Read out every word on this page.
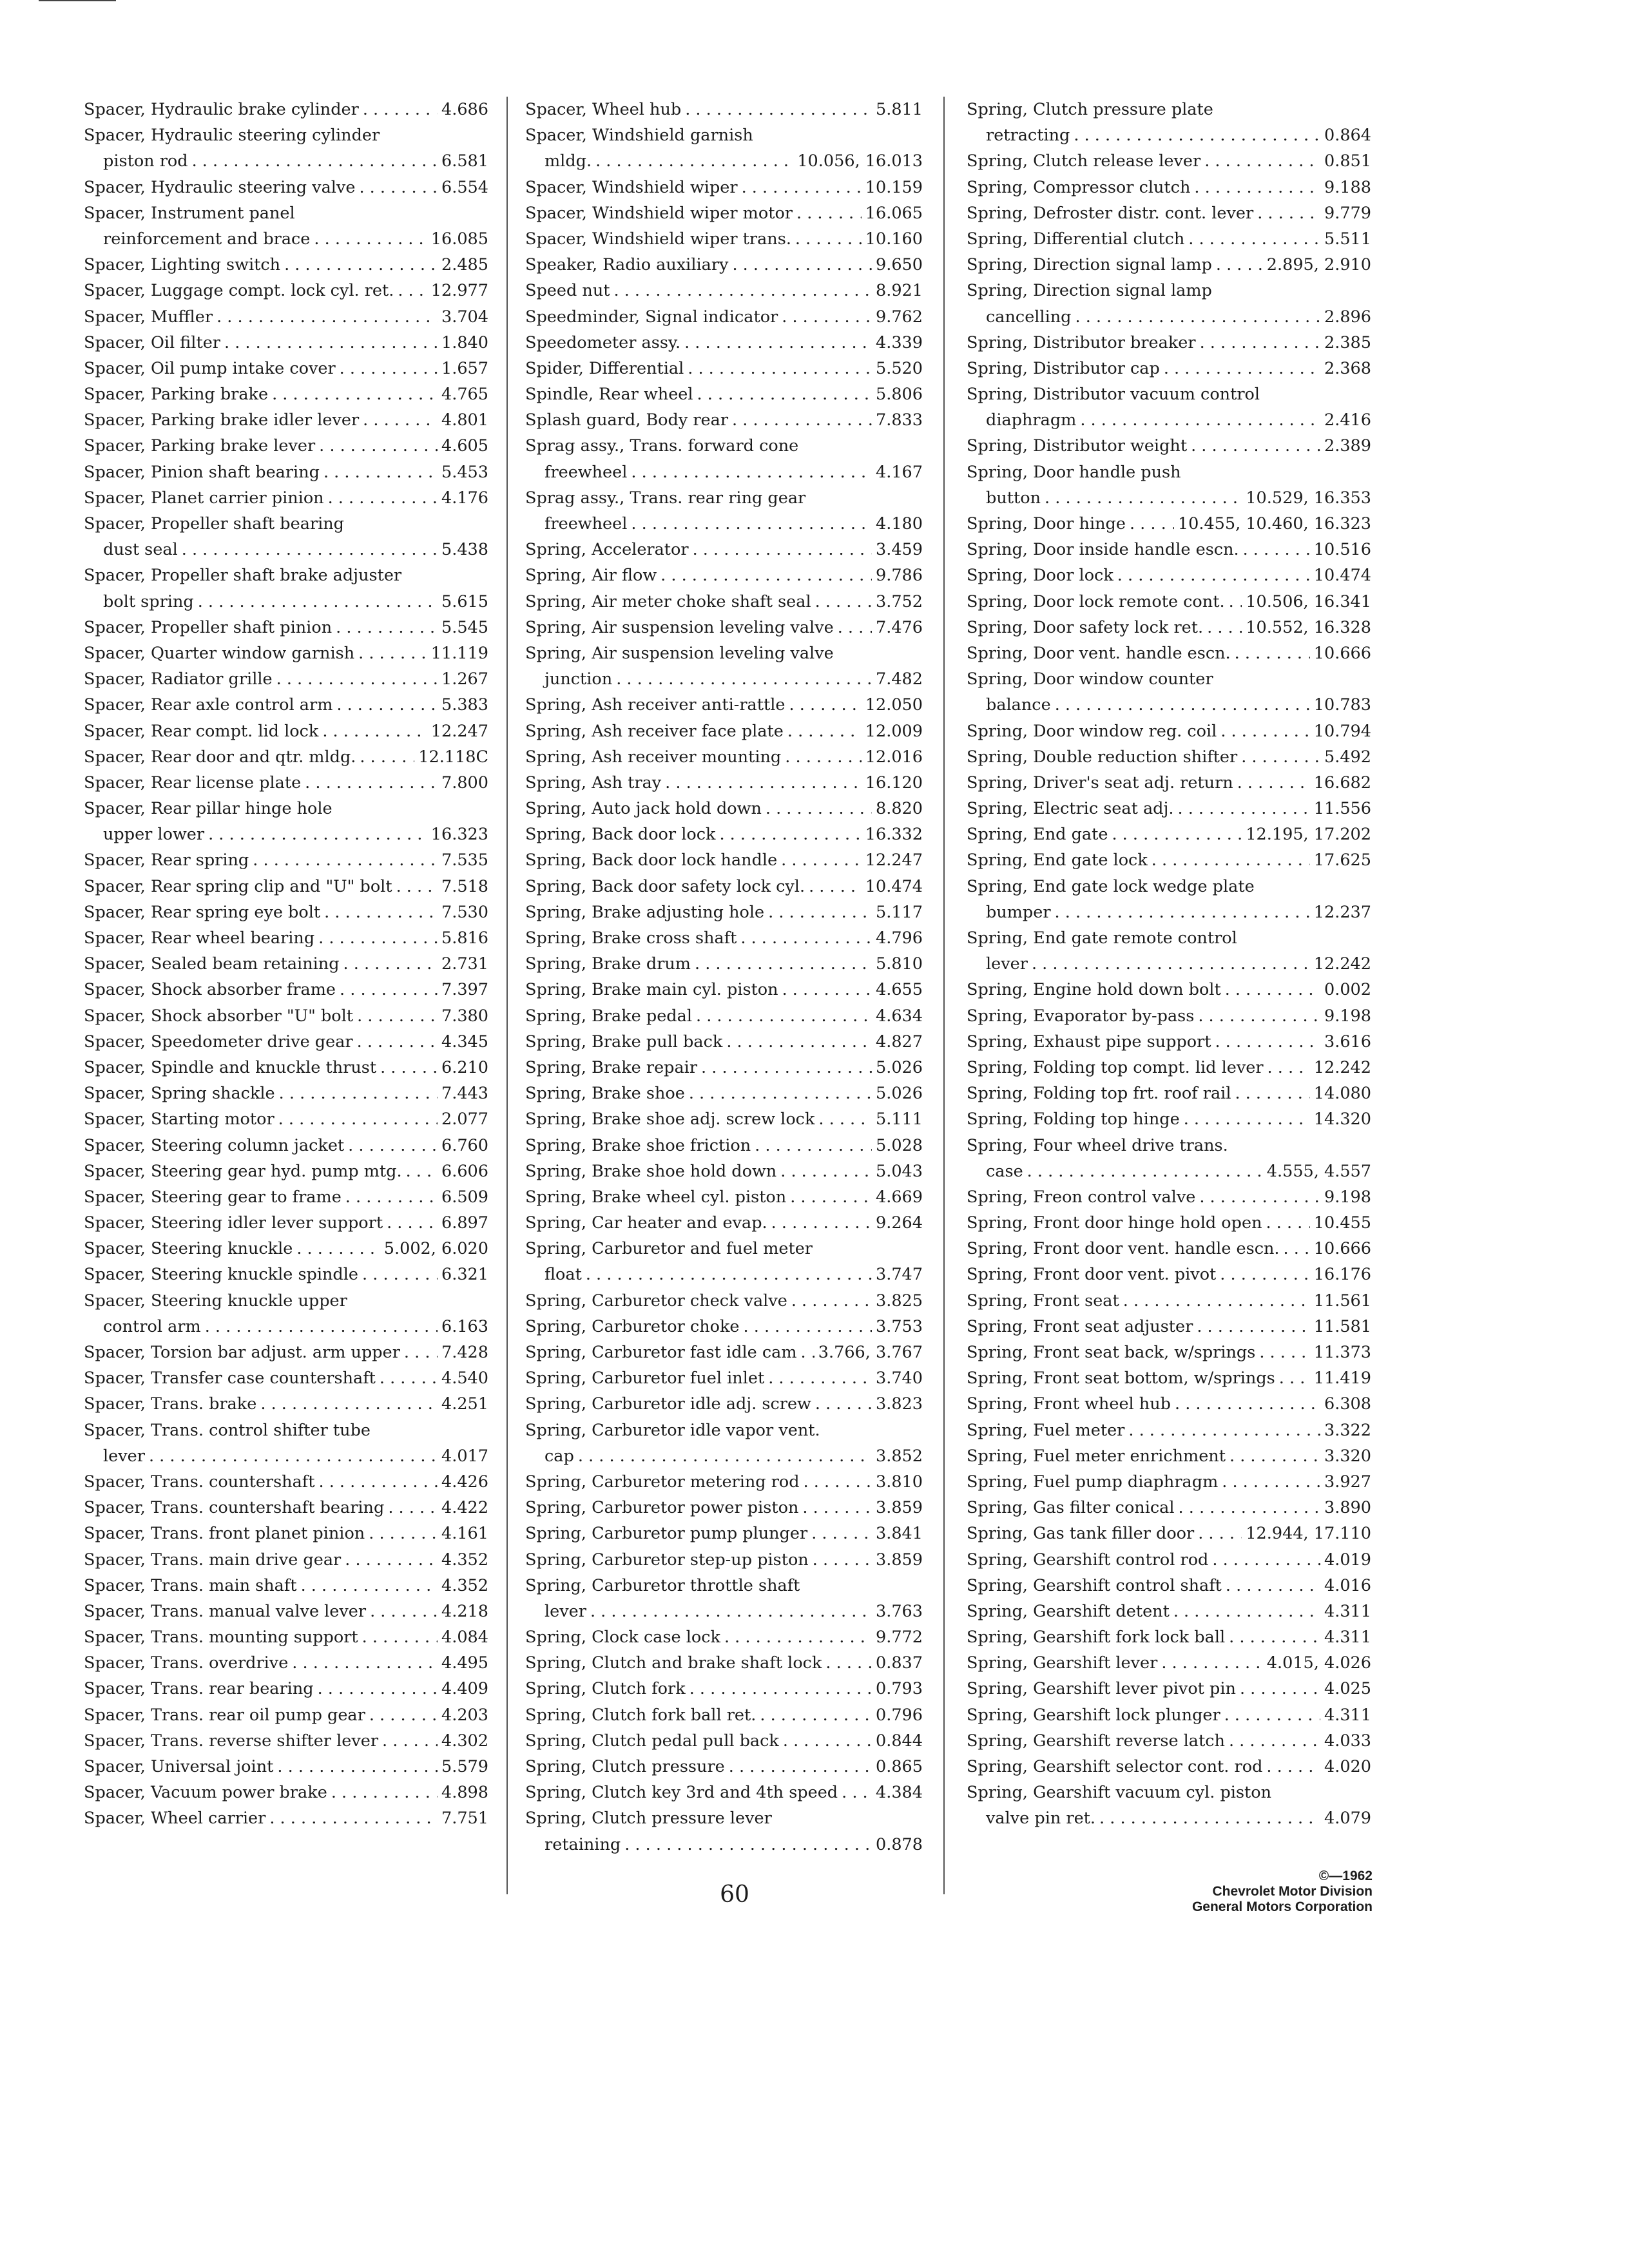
Spacer, Hydraulic brake cylinder . . .	4.686
Spacer, Hydraulic steering cylinder
piston rod . . .	6.581
Spacer, Hydraulic steering valve . . .	6.554
Spacer, Instrument panel
reinforcement and brace . . .	16.085
Spacer, Lighting switch . . .	2.485
Spacer, Luggage compt. lock cyl. ret. . . . 12.977
Spacer, Muffler . . .	3.704
Spacer, Oil filter . . .	1.840
Spacer, Oil pump intake cover . . .	1.657
Spacer, Parking brake . . .	4.765
Spacer, Parking brake idler lever . . .	4.801
Spacer, Parking brake lever . . .	4.605
Spacer, Pinion shaft bearing . . .	5.453
Spacer, Planet carrier pinion . . .	4.176
Spacer, Propeller shaft bearing
dust seal . . .	5.438
Spacer, Propeller shaft brake adjuster
bolt spring . . .	5.615
Spacer, Propeller shaft pinion . . .	5.545
Spacer, Quarter window garnish . . .	11.119
Spacer, Radiator grille . . .	1.267
Spacer, Rear axle control arm . . .	5.383
Spacer, Rear compt. lid lock . . .	12.247
Spacer, Rear door and qtr. mldg. . . .	12.118C
Spacer, Rear license plate . . .	7.800
Spacer, Rear pillar hinge hole
upper lower . . .	16.323
Spacer, Rear spring . . .	7.535
Spacer, Rear spring clip and "U" bolt . . .	7.518
Spacer, Rear spring eye bolt . . .	7.530
Spacer, Rear wheel bearing . . .	5.816
Spacer, Sealed beam retaining . . .	2.731
Spacer, Shock absorber frame . . .	7.397
Spacer, Shock absorber "U" bolt . . .	7.380
Spacer, Speedometer drive gear . . .	4.345
Spacer, Spindle and knuckle thrust . . .	6.210
Spacer, Spring shackle . . .	7.443
Spacer, Starting motor . . .	2.077
Spacer, Steering column jacket . . .	6.760
Spacer, Steering gear hyd. pump mtg. . . . 6.606
Spacer, Steering gear to frame . . .	6.509
Spacer, Steering idler lever support . . .	6.897
Spacer, Steering knuckle . . .	5.002, 6.020
Spacer, Steering knuckle spindle . . .	6.321
Spacer, Steering knuckle upper
control arm . . .	6.163
Spacer, Torsion bar adjust. arm upper . . .	7.428
Spacer, Transfer case countershaft . . .	4.540
Spacer, Trans. brake . . .	4.251
Spacer, Trans. control shifter tube
lever . . .	4.017
Spacer, Trans. countershaft . . .	4.426
Spacer, Trans. countershaft bearing . . .	4.422
Spacer, Trans. front planet pinion . . .	4.161
Spacer, Trans. main drive gear . . .	4.352
Spacer, Trans. main shaft . . .	4.352
Spacer, Trans. manual valve lever . . .	4.218
Spacer, Trans. mounting support . . .	4.084
Spacer, Trans. overdrive . . .	4.495
Spacer, Trans. rear bearing . . .	4.409
Spacer, Trans. rear oil pump gear . . .	4.203
Spacer, Trans. reverse shifter lever . . .	4.302
Spacer, Universal joint . . .	5.579
Spacer, Vacuum power brake . . .	4.898
Spacer, Wheel carrier . . .	7.751
Spacer, Wheel hub . . .	5.811
Spacer, Windshield garnish
mldg. . . .	10.056, 16.013
Spacer, Windshield wiper . . .	10.159
Spacer, Windshield wiper motor . . .	16.065
Spacer, Windshield wiper trans. . . .	10.160
Speaker, Radio auxiliary . . .	9.650
Speed nut . . .	8.921
Speedminder, Signal indicator . . .	9.762
Speedometer assy. . . .	4.339
Spider, Differential . . .	5.520
Spindle, Rear wheel . . .	5.806
Splash guard, Body rear . . .	7.833
Sprag assy., Trans. forward cone
freewheel . . .	4.167
Sprag assy., Trans. rear ring gear
freewheel . . .	4.180
Spring, Accelerator . . .	3.459
Spring, Air flow . . .	9.786
Spring, Air meter choke shaft seal . . .	3.752
Spring, Air suspension leveling valve . . .	7.476
Spring, Air suspension leveling valve
junction . . .	7.482
Spring, Ash receiver anti-rattle . . .	12.050
Spring, Ash receiver face plate . . .	12.009
Spring, Ash receiver mounting . . .	12.016
Spring, Ash tray . . .	16.120
Spring, Auto jack hold down . . .	8.820
Spring, Back door lock . . .	16.332
Spring, Back door lock handle . . .	12.247
Spring, Back door safety lock cyl. . . .	10.474
Spring, Brake adjusting hole . . .	5.117
Spring, Brake cross shaft . . .	4.796
Spring, Brake drum . . .	5.810
Spring, Brake main cyl. piston . . .	4.655
Spring, Brake pedal . . .	4.634
Spring, Brake pull back . . .	4.827
Spring, Brake repair . . .	5.026
Spring, Brake shoe . . .	5.026
Spring, Brake shoe adj. screw lock . . .	5.111
Spring, Brake shoe friction . . .	5.028
Spring, Brake shoe hold down . . .	5.043
Spring, Brake wheel cyl. piston . . .	4.669
Spring, Car heater and evap. . . .	9.264
Spring, Carburetor and fuel meter
float . . .	3.747
Spring, Carburetor check valve . . .	3.825
Spring, Carburetor choke . . .	3.753
Spring, Carburetor fast idle cam . . . 3.766, 3.767
Spring, Carburetor fuel inlet . . .	3.740
Spring, Carburetor idle adj. screw . . .	3.823
Spring, Carburetor idle vapor vent.
cap . . .	3.852
Spring, Carburetor metering rod . . .	3.810
Spring, Carburetor power piston . . .	3.859
Spring, Carburetor pump plunger . . .	3.841
Spring, Carburetor step-up piston . . .	3.859
Spring, Carburetor throttle shaft
lever . . .	3.763
Spring, Clock case lock . . .	9.772
Spring, Clutch and brake shaft lock . . .	0.837
Spring, Clutch fork . . .	0.793
Spring, Clutch fork ball ret. . . .	0.796
Spring, Clutch pedal pull back . . .	0.844
Spring, Clutch pressure . . .	0.865
Spring, Clutch key 3rd and 4th speed . . . 4.384
Spring, Clutch pressure lever
retaining . . .	0.878
Spring, Clutch pressure plate
retracting . . .	0.864
Spring, Clutch release lever . . .	0.851
Spring, Compressor clutch . . .	9.188
Spring, Defroster distr. cont. lever . . .	9.779
Spring, Differential clutch . . .	5.511
Spring, Direction signal lamp . . .	2.895, 2.910
Spring, Direction signal lamp
cancelling . . .	2.896
Spring, Distributor breaker . . .	2.385
Spring, Distributor cap . . .	2.368
Spring, Distributor vacuum control
diaphragm . . .	2.416
Spring, Distributor weight . . .	2.389
Spring, Door handle push
button . . .	10.529, 16.353
Spring, Door hinge . . .	10.455, 10.460, 16.323
Spring, Door inside handle escn. . . .	10.516
Spring, Door lock . . .	10.474
Spring, Door lock remote cont. . . . 10.506, 16.341
Spring, Door safety lock ret. . . .	10.552, 16.328
Spring, Door vent. handle escn. . . .	10.666
Spring, Door window counter
balance . . .	10.783
Spring, Door window reg. coil . . .	10.794
Spring, Double reduction shifter . . .	5.492
Spring, Driver's seat adj. return . . .	16.682
Spring, Electric seat adj. . . .	11.556
Spring, End gate . . .	12.195, 17.202
Spring, End gate lock . . .	17.625
Spring, End gate lock wedge plate
bumper . . .	12.237
Spring, End gate remote control
lever . . .	12.242
Spring, Engine hold down bolt . . .	0.002
Spring, Evaporator by-pass . . .	9.198
Spring, Exhaust pipe support . . .	3.616
Spring, Folding top compt. lid lever . . .	12.242
Spring, Folding top frt. roof rail . . .	14.080
Spring, Folding top hinge . . .	14.320
Spring, Four wheel drive trans.
case . . .	4.555, 4.557
Spring, Freon control valve . . .	9.198
Spring, Front door hinge hold open . . .	10.455
Spring, Front door vent. handle escn. . . . 10.666
Spring, Front door vent. pivot . . .	16.176
Spring, Front seat . . .	11.561
Spring, Front seat adjuster . . .	11.581
Spring, Front seat back, w/springs . . .	11.373
Spring, Front seat bottom, w/springs . . . 11.419
Spring, Front wheel hub . . .	6.308
Spring, Fuel meter . . .	3.322
Spring, Fuel meter enrichment . . .	3.320
Spring, Fuel pump diaphragm . . .	3.927
Spring, Gas filter conical . . .	3.890
Spring, Gas tank filler door . . .	12.944, 17.110
Spring, Gearshift control rod . . .	4.019
Spring, Gearshift control shaft . . .	4.016
Spring, Gearshift detent . . .	4.311
Spring, Gearshift fork lock ball . . .	4.311
Spring, Gearshift lever . . .	4.015, 4.026
Spring, Gearshift lever pivot pin . . .	4.025
Spring, Gearshift lock plunger . . .	4.311
Spring, Gearshift reverse latch . . .	4.033
Spring, Gearshift selector cont. rod . . .	4.020
Spring, Gearshift vacuum cyl. piston
valve pin ret. . . .	4.079
60
©—1962
Chevrolet Motor Division
General Motors Corporation
